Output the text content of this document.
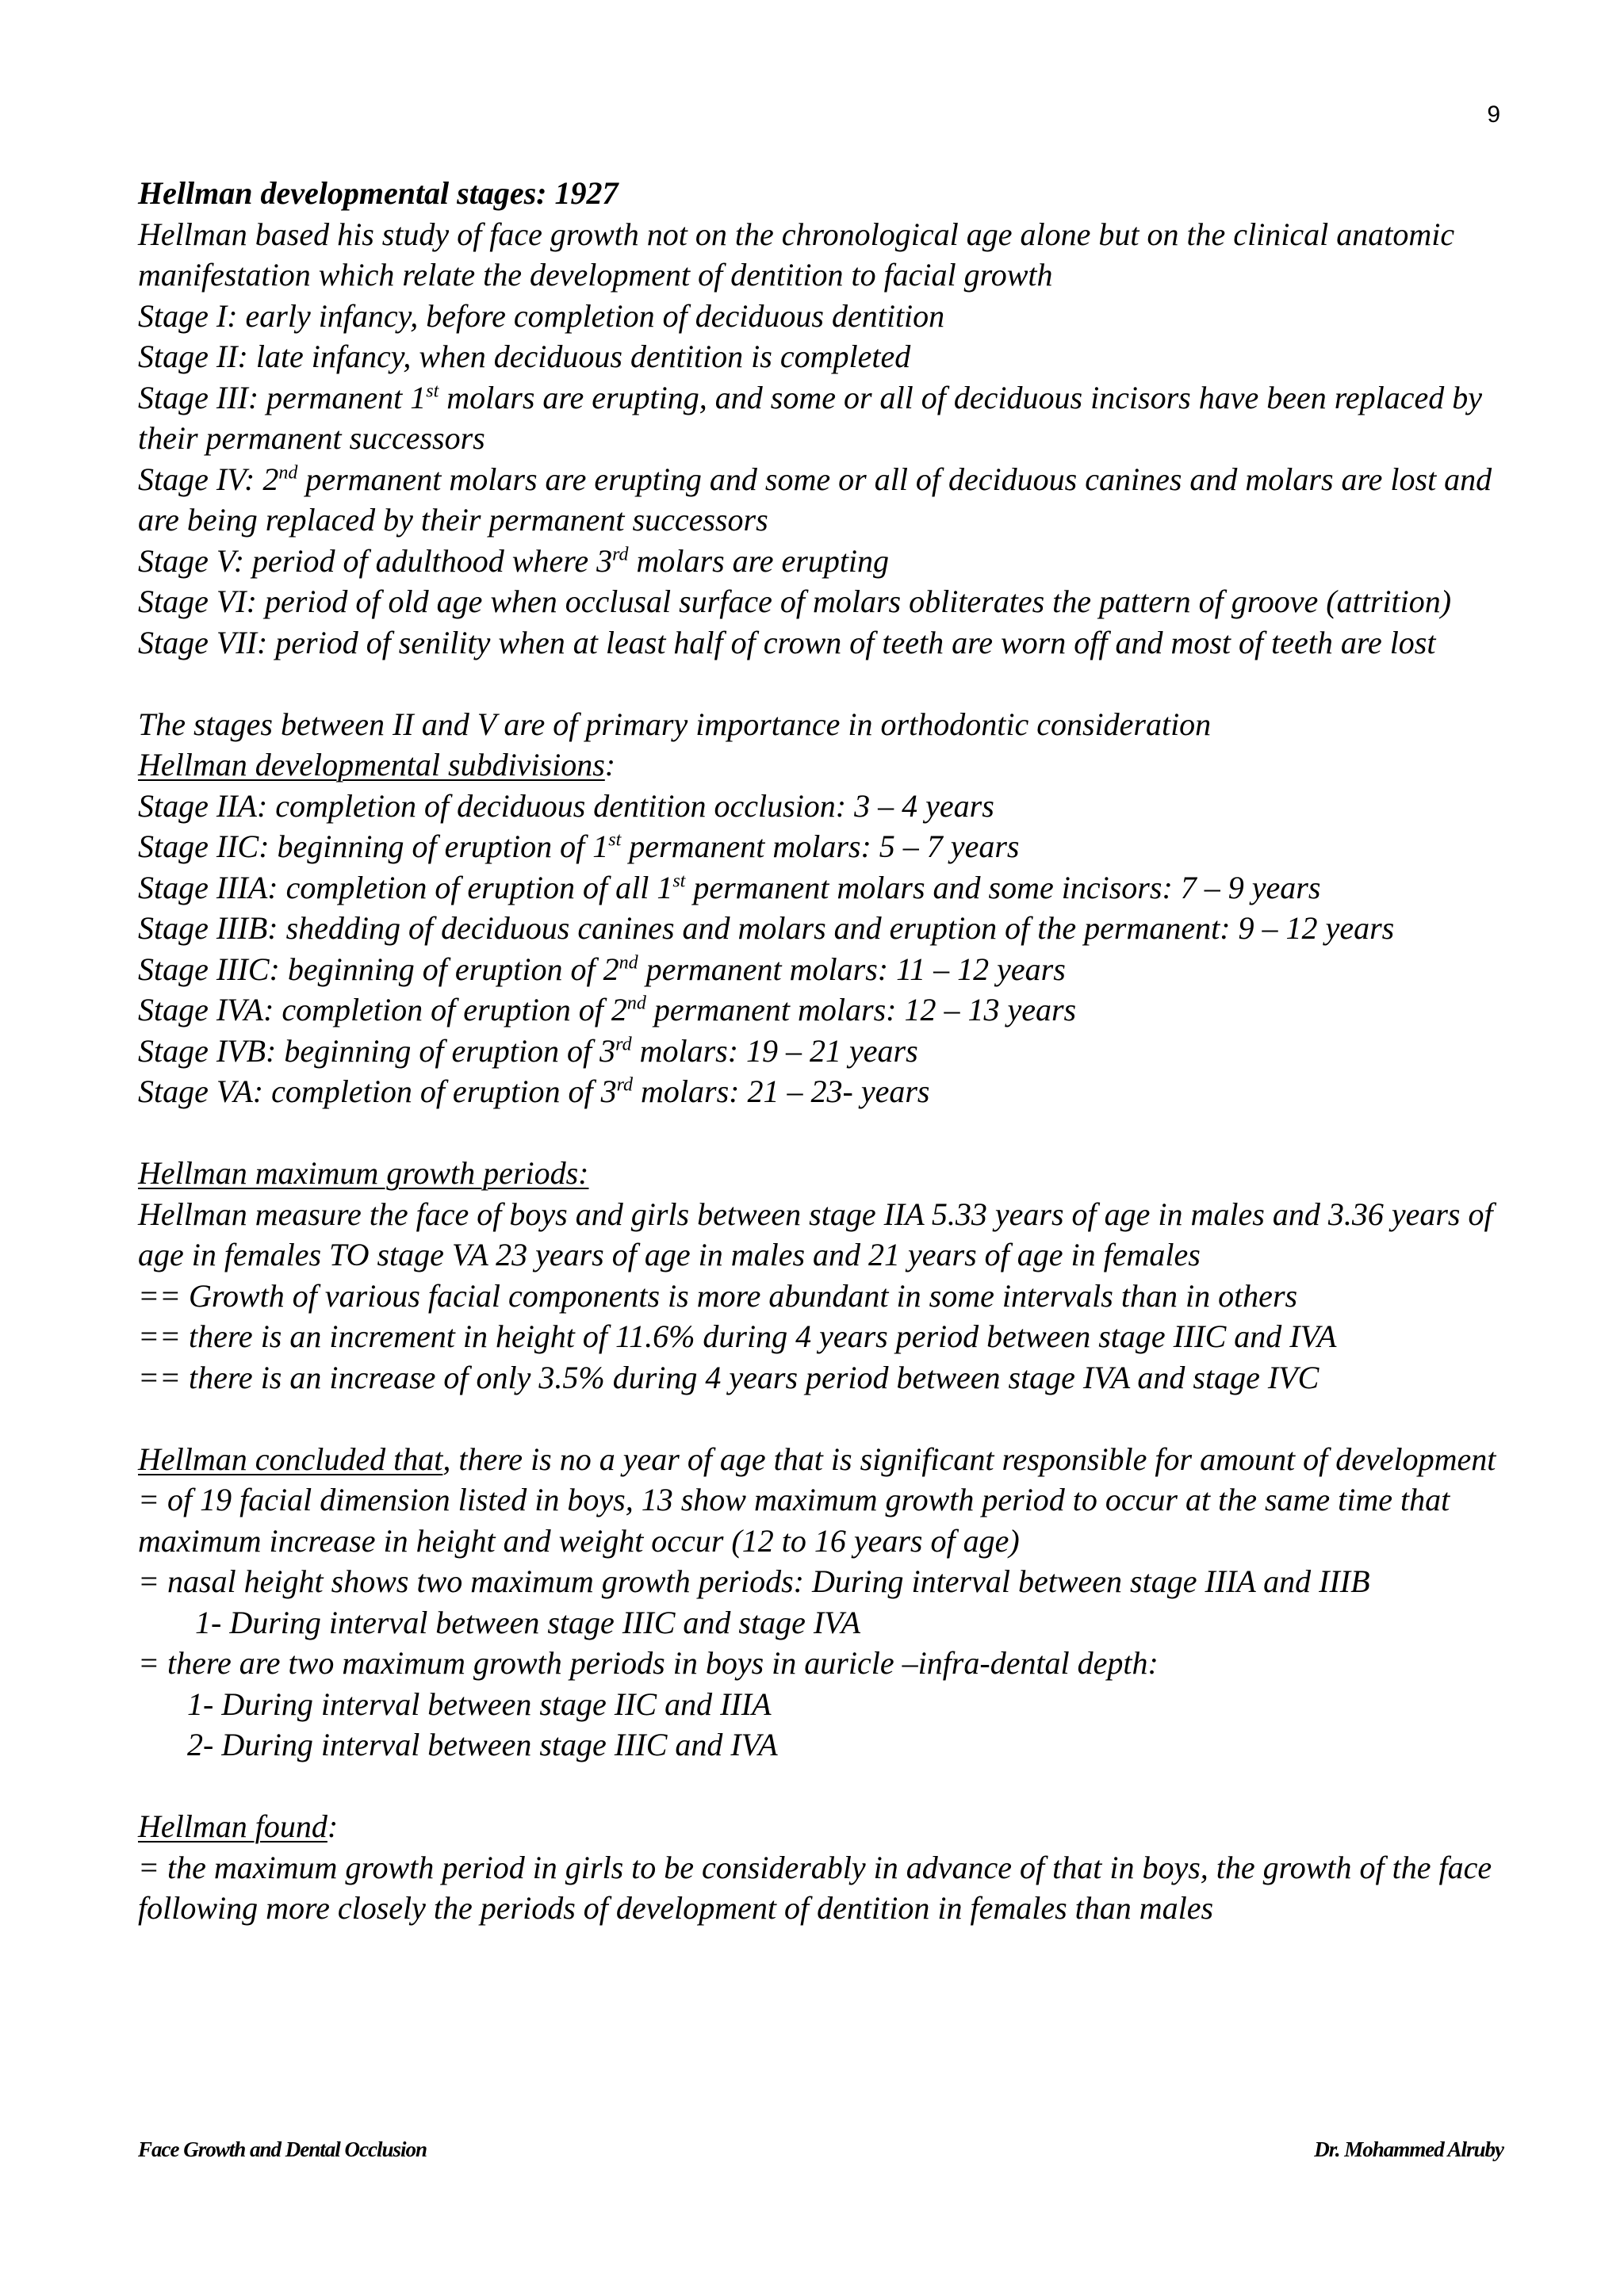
9
Hellman developmental stages: 1927
Hellman based his study of face growth not on the chronological age alone but on the clinical anatomic manifestation which relate the development of dentition to facial growth
Stage I: early infancy, before completion of deciduous dentition
Stage II: late infancy, when deciduous dentition is completed
Stage III: permanent 1st molars are erupting, and some or all of deciduous incisors have been replaced by their permanent successors
Stage IV: 2nd permanent molars are erupting and some or all of deciduous canines and molars are lost and are being replaced by their permanent successors
Stage V: period of adulthood where 3rd molars are erupting
Stage VI: period of old age when occlusal surface of molars obliterates the pattern of groove (attrition)
Stage VII: period of senility when at least half of crown of teeth are worn off and most of teeth are lost
The stages between II and V are of primary importance in orthodontic consideration
Hellman developmental subdivisions:
Stage IIA: completion of deciduous dentition occlusion: 3 – 4 years
Stage IIC: beginning of eruption of 1st permanent molars: 5 – 7 years
Stage IIIA: completion of eruption of all 1st permanent molars and some incisors: 7 – 9 years
Stage IIIB: shedding of deciduous canines and molars and eruption of the permanent: 9 – 12 years
Stage IIIC: beginning of eruption of 2nd permanent molars: 11 – 12 years
Stage IVA: completion of eruption of 2nd permanent molars: 12 – 13 years
Stage IVB: beginning of eruption of 3rd molars: 19 – 21 years
Stage VA: completion of eruption of 3rd molars: 21 – 23- years
Hellman maximum growth periods:
Hellman measure the face of boys and girls between stage IIA 5.33 years of age in males and 3.36 years of age in females TO stage VA 23 years of age in males and 21 years of age in females
== Growth of various facial components is more abundant in some intervals than in others
== there is an increment in height of 11.6% during 4 years period between stage IIIC and IVA
== there is an increase of only 3.5% during 4 years period between stage IVA and stage IVC
Hellman concluded that, there is no a year of age that is significant responsible for amount of development
= of 19 facial dimension listed in boys, 13 show maximum growth period to occur at the same time that maximum increase in height and weight occur (12 to 16 years of age)
= nasal height shows two maximum growth periods: During interval between stage IIIA and IIIB
1- During interval between stage IIIC and stage IVA
= there are two maximum growth periods in boys in auricle –infra-dental depth:
1- During interval between stage IIC and IIIA
2- During interval between stage IIIC and IVA
Hellman found:
= the maximum growth period in girls to be considerably in advance of that in boys, the growth of the face following more closely the periods of development of dentition in females than males
Face Growth and Dental Occlusion	Dr. Mohammed Alruby
